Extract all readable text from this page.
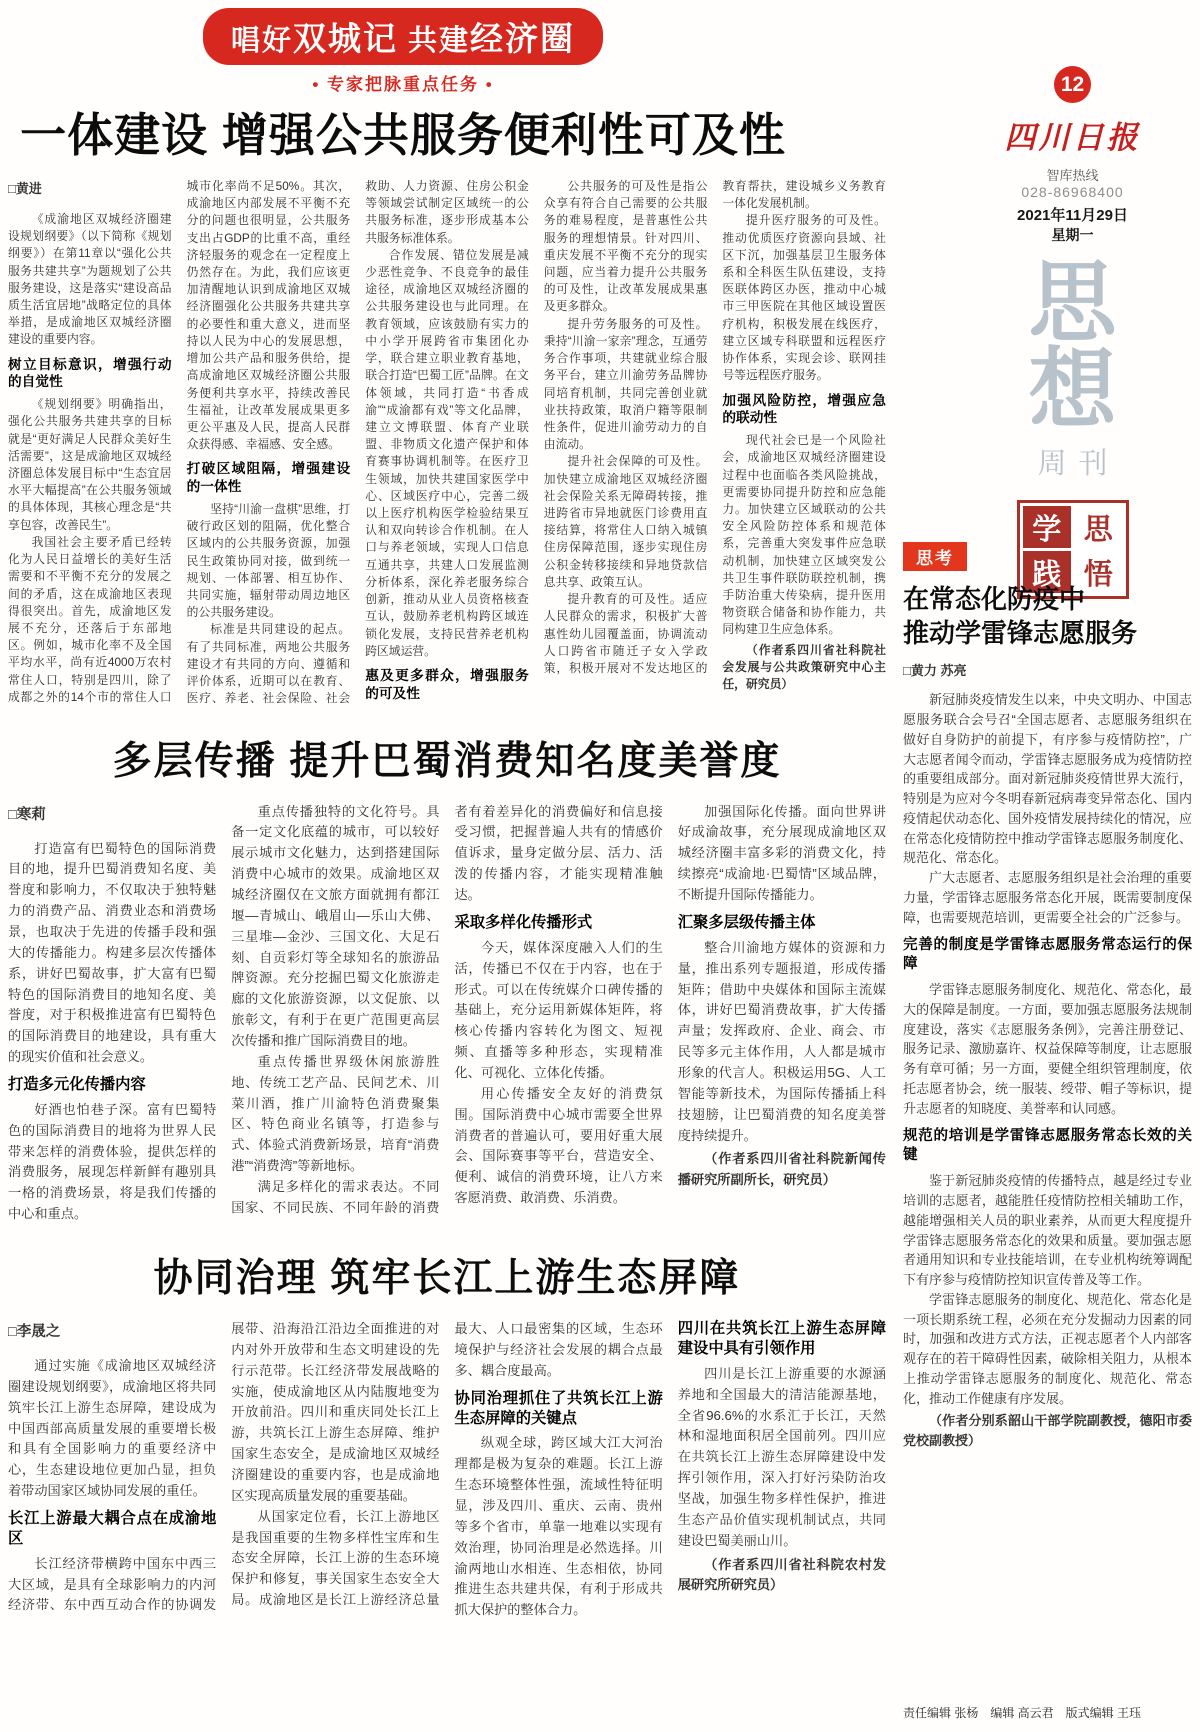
唱好双城记 共建经济圈
• 专家把脉重点任务 •
一体建设 增强公共服务便利性可及性

□黄进

《成渝地区双城经济圈建设规划纲要》（以下简称《规划纲要》）在第11章以“强化公共服务共建共享”为题规划了公共服务建设，这是落实“建设高品质生活宜居地”战略定位的具体举措，是成渝地区双城经济圈建设的重要内容。

树立目标意识，增强行动的自觉性

《规划纲要》明确指出，强化公共服务共建共享的目标就是“更好满足人民群众美好生活需要”，这是成渝地区双城经济圈总体发展目标中“生态宜居水平大幅提高”在公共服务领域的具体体现，其核心理念是“共享包容，改善民生”。

我国社会主要矛盾已经转化为人民日益增长的美好生活需要和不平衡不充分的发展之间的矛盾，这在成渝地区表现得很突出。首先，成渝地区发展不充分，还落后于东部地区。例如，城市化率不及全国平均水平，尚有近4000万农村常住人口，特别是四川，除了成都之外的14个市的常住人口城市化率尚不足50%。其次，成渝地区内部发展不平衡不充分的问题也很明显，公共服务支出占GDP的比重不高，重经济轻服务的观念在一定程度上仍然存在。为此，我们应该更加清醒地认识到成渝地区双城经济圈强化公共服务共建共享的必要性和重大意义，进而坚持以人民为中心的发展思想，增加公共产品和服务供给，提高成渝地区双城经济圈公共服务便利共享水平，持续改善民生福祉，让改革发展成果更多更公平惠及人民，提高人民群众获得感、幸福感、安全感。

打破区域阻隔，增强建设的一体性

坚持“川渝一盘棋”思维，打破行政区划的阻隔，优化整合区域内的公共服务资源，加强民生政策协同对接，做到统一规划、一体部署、相互协作、共同实施，辐射带动周边地区的公共服务建设。

标准是共同建设的起点。有了共同标准，两地公共服务建设才有共同的方向、遵循和评价体系，近期可以在教育、医疗、养老、社会保险、社会救助、人力资源、住房公积金等领域尝试制定区域统一的公共服务标准，逐步形成基本公共服务标准体系。

合作发展、错位发展是减少恶性竞争、不良竞争的最佳途径，成渝地区双城经济圈的公共服务建设也与此同理。在教育领域，应该鼓励有实力的中小学开展跨省市集团化办学，联合建立职业教育基地，联合打造“巴蜀工匠”品牌。在文体领域，共同打造“书香成渝”“成渝都有戏”等文化品牌，建立文博联盟、体育产业联盟、非物质文化遗产保护和体育赛事协调机制等。在医疗卫生领域，加快共建国家医学中心、区域医疗中心，完善二级以上医疗机构医学检验结果互认和双向转诊合作机制。在人口与养老领域，实现人口信息互通共享，共建人口发展监测分析体系，深化养老服务综合创新，推动从业人员资格核查互认，鼓励养老机构跨区域连锁化发展，支持民营养老机构跨区域运营。

惠及更多群众，增强服务的可及性

公共服务的可及性是指公众享有符合自己需要的公共服务的难易程度，是普惠性公共服务的理想情景。针对四川、重庆发展不平衡不充分的现实问题，应当着力提升公共服务的可及性，让改革发展成果惠及更多群众。

提升劳务服务的可及性。秉持“川渝一家亲”理念，互通劳务合作事项，共建就业综合服务平台，建立川渝劳务品牌协同培育机制，共同完善创业就业扶持政策，取消户籍等限制性条件，促进川渝劳动力的自由流动。

提升社会保障的可及性。加快建立成渝地区双城经济圈社会保险关系无障碍转接，推进跨省市异地就医门诊费用直接结算，将常住人口纳入城镇住房保障范围，逐步实现住房公积金转移接续和异地贷款信息共享、政策互认。

提升教育的可及性。适应人民群众的需求，积极扩大普惠性幼儿园覆盖面，协调流动人口跨省市随迁子女入学政策，积极开展对不发达地区的教育帮扶，建设城乡义务教育一体化发展机制。

提升医疗服务的可及性。推动优质医疗资源向县域、社区下沉，加强基层卫生服务体系和全科医生队伍建设，支持医联体跨区办医，推动中心城市三甲医院在其他区域设置医疗机构，积极发展在线医疗，建立区域专科联盟和远程医疗协作体系，实现会诊、联网挂号等远程医疗服务。

加强风险防控，增强应急的联动性

现代社会已是一个风险社会，成渝地区双城经济圈建设过程中也面临各类风险挑战，更需要协同提升防控和应急能力。加快建立区域联动的公共安全风险防控体系和规范体系，完善重大突发事件应急联动机制，加快建立区域突发公共卫生事件联防联控机制，携手防治重大传染病，提升医用物资联合储备和协作能力，共同构建卫生应急体系。

（作者系四川省社科院社会发展与公共政策研究中心主任，研究员）

多层传播 提升巴蜀消费知名度美誉度

□寒莉

打造富有巴蜀特色的国际消费目的地，提升巴蜀消费知名度、美誉度和影响力，不仅取决于独特魅力的消费产品、消费业态和消费场景，也取决于先进的传播手段和强大的传播能力。构建多层次传播体系，讲好巴蜀故事，扩大富有巴蜀特色的国际消费目的地知名度、美誉度，对于积极推进富有巴蜀特色的国际消费目的地建设，具有重大的现实价值和社会意义。

打造多元化传播内容

好酒也怕巷子深。富有巴蜀特色的国际消费目的地将为世界人民带来怎样的消费体验，提供怎样的消费服务，展现怎样新鲜有趣别具一格的消费场景，将是我们传播的中心和重点。

重点传播独特的文化符号。具备一定文化底蕴的城市，可以较好展示城市文化魅力，达到搭建国际消费中心城市的效果。成渝地区双城经济圈仅在文旅方面就拥有都江堰—青城山、峨眉山—乐山大佛、三星堆—金沙、三国文化、大足石刻、自贡彩灯等全球知名的旅游品牌资源。充分挖掘巴蜀文化旅游走廊的文化旅游资源，以文促旅、以旅彰文，有利于在更广范围更高层次传播和推广国际消费目的地。

重点传播世界级休闲旅游胜地、传统工艺产品、民间艺术、川菜川酒，推广川渝特色消费聚集区、特色商业名镇等，打造参与式、体验式消费新场景，培育“消费港”“消费湾”等新地标。

满足多样化的需求表达。不同国家、不同民族、不同年龄的消费者有着差异化的消费偏好和信息接受习惯，把握普遍人共有的情感价值诉求，量身定做分层、活力、活泼的传播内容，才能实现精准触达。

采取多样化传播形式

今天，媒体深度融入人们的生活，传播已不仅在于内容，也在于形式。可以在传统媒介口碑传播的基础上，充分运用新媒体矩阵，将核心传播内容转化为图文、短视频、直播等多种形态，实现精准化、可视化、立体化传播。

用心传播安全友好的消费氛围。国际消费中心城市需要全世界消费者的普遍认可，要用好重大展会、国际赛事等平台，营造安全、便利、诚信的消费环境，让八方来客愿消费、敢消费、乐消费。

加强国际化传播。面向世界讲好成渝故事，充分展现成渝地区双城经济圈丰富多彩的消费文化，持续擦亮“成渝地·巴蜀情”区域品牌，不断提升国际传播能力。

汇聚多层级传播主体

整合川渝地方媒体的资源和力量，推出系列专题报道，形成传播矩阵；借助中央媒体和国际主流媒体，讲好巴蜀消费故事，扩大传播声量；发挥政府、企业、商会、市民等多元主体作用，人人都是城市形象的代言人。积极运用5G、人工智能等新技术，为国际传播插上科技翅膀，让巴蜀消费的知名度美誉度持续提升。

（作者系四川省社科院新闻传播研究所副所长，研究员）

协同治理 筑牢长江上游生态屏障

□李晟之

通过实施《成渝地区双城经济圈建设规划纲要》，成渝地区将共同筑牢长江上游生态屏障，建设成为中国西部高质量发展的重要增长极和具有全国影响力的重要经济中心，生态建设地位更加凸显，担负着带动国家区域协同发展的重任。

长江上游最大耦合点在成渝地区

长江经济带横跨中国东中西三大区域，是具有全球影响力的内河经济带、东中西互动合作的协调发展带、沿海沿江沿边全面推进的对内对外开放带和生态文明建设的先行示范带。长江经济带发展战略的实施，使成渝地区从内陆腹地变为开放前沿。四川和重庆同处长江上游，共筑长江上游生态屏障、维护国家生态安全，是成渝地区双城经济圈建设的重要内容，也是成渝地区实现高质量发展的重要基础。

从国家定位看，长江上游地区是我国重要的生物多样性宝库和生态安全屏障，长江上游的生态环境保护和修复，事关国家生态安全大局。成渝地区是长江上游经济总量最大、人口最密集的区域，生态环境保护与经济社会发展的耦合点最多、耦合度最高。

协同治理抓住了共筑长江上游生态屏障的关键点

纵观全球，跨区域大江大河治理都是极为复杂的难题。长江上游生态环境整体性强，流域性特征明显，涉及四川、重庆、云南、贵州等多个省市，单靠一地难以实现有效治理，协同治理是必然选择。川渝两地山水相连、生态相依，协同推进生态共建共保，有利于形成共抓大保护的整体合力。

四川在共筑长江上游生态屏障建设中具有引领作用

四川是长江上游重要的水源涵养地和全国最大的清洁能源基地，全省96.6%的水系汇于长江，天然林和湿地面积居全国前列。四川应在共筑长江上游生态屏障建设中发挥引领作用，深入打好污染防治攻坚战，加强生物多样性保护，推进生态产品价值实现机制试点，共同建设巴蜀美丽山川。

（作者系四川省社科院农村发展研究所研究员）

12
四川日报
智库热线
028-86968400
2021年11月29日
星期一
思
想
周刊
学 思
践 悟
思考
在常态化防疫中
推动学雷锋志愿服务

□黄力 苏亮

新冠肺炎疫情发生以来，中央文明办、中国志愿服务联合会号召“全国志愿者、志愿服务组织在做好自身防护的前提下，有序参与疫情防控”，广大志愿者闻令而动，学雷锋志愿服务成为疫情防控的重要组成部分。面对新冠肺炎疫情世界大流行，特别是为应对今冬明春新冠病毒变异常态化、国内疫情起伏动态化、国外疫情发展持续化的情况，应在常态化疫情防控中推动学雷锋志愿服务制度化、规范化、常态化。

广大志愿者、志愿服务组织是社会治理的重要力量，学雷锋志愿服务常态化开展，既需要制度保障，也需要规范培训，更需要全社会的广泛参与。

完善的制度是学雷锋志愿服务常态运行的保障

学雷锋志愿服务制度化、规范化、常态化，最大的保障是制度。一方面，要加强志愿服务法规制度建设，落实《志愿服务条例》，完善注册登记、服务记录、激励嘉许、权益保障等制度，让志愿服务有章可循；另一方面，要健全组织管理制度，依托志愿者协会，统一服装、绶带、帽子等标识，提升志愿者的知晓度、美誉率和认同感。

规范的培训是学雷锋志愿服务常态长效的关键

鉴于新冠肺炎疫情的传播特点，越是经过专业培训的志愿者，越能胜任疫情防控相关辅助工作，越能增强相关人员的职业素养，从而更大程度提升学雷锋志愿服务常态化的效果和质量。要加强志愿者通用知识和专业技能培训，在专业机构统筹调配下有序参与疫情防控知识宣传普及等工作。

学雷锋志愿服务的制度化、规范化、常态化是一项长期系统工程，必须在充分发掘动力因素的同时，加强和改进方式方法，正视志愿者个人内部客观存在的若干障碍性因素，破除相关阻力，从根本上推动学雷锋志愿服务的制度化、规范化、常态化，推动工作健康有序发展。

（作者分别系韶山干部学院副教授，德阳市委党校副教授）

责任编辑 张杨　编辑 高云君　版式编辑 王珏
